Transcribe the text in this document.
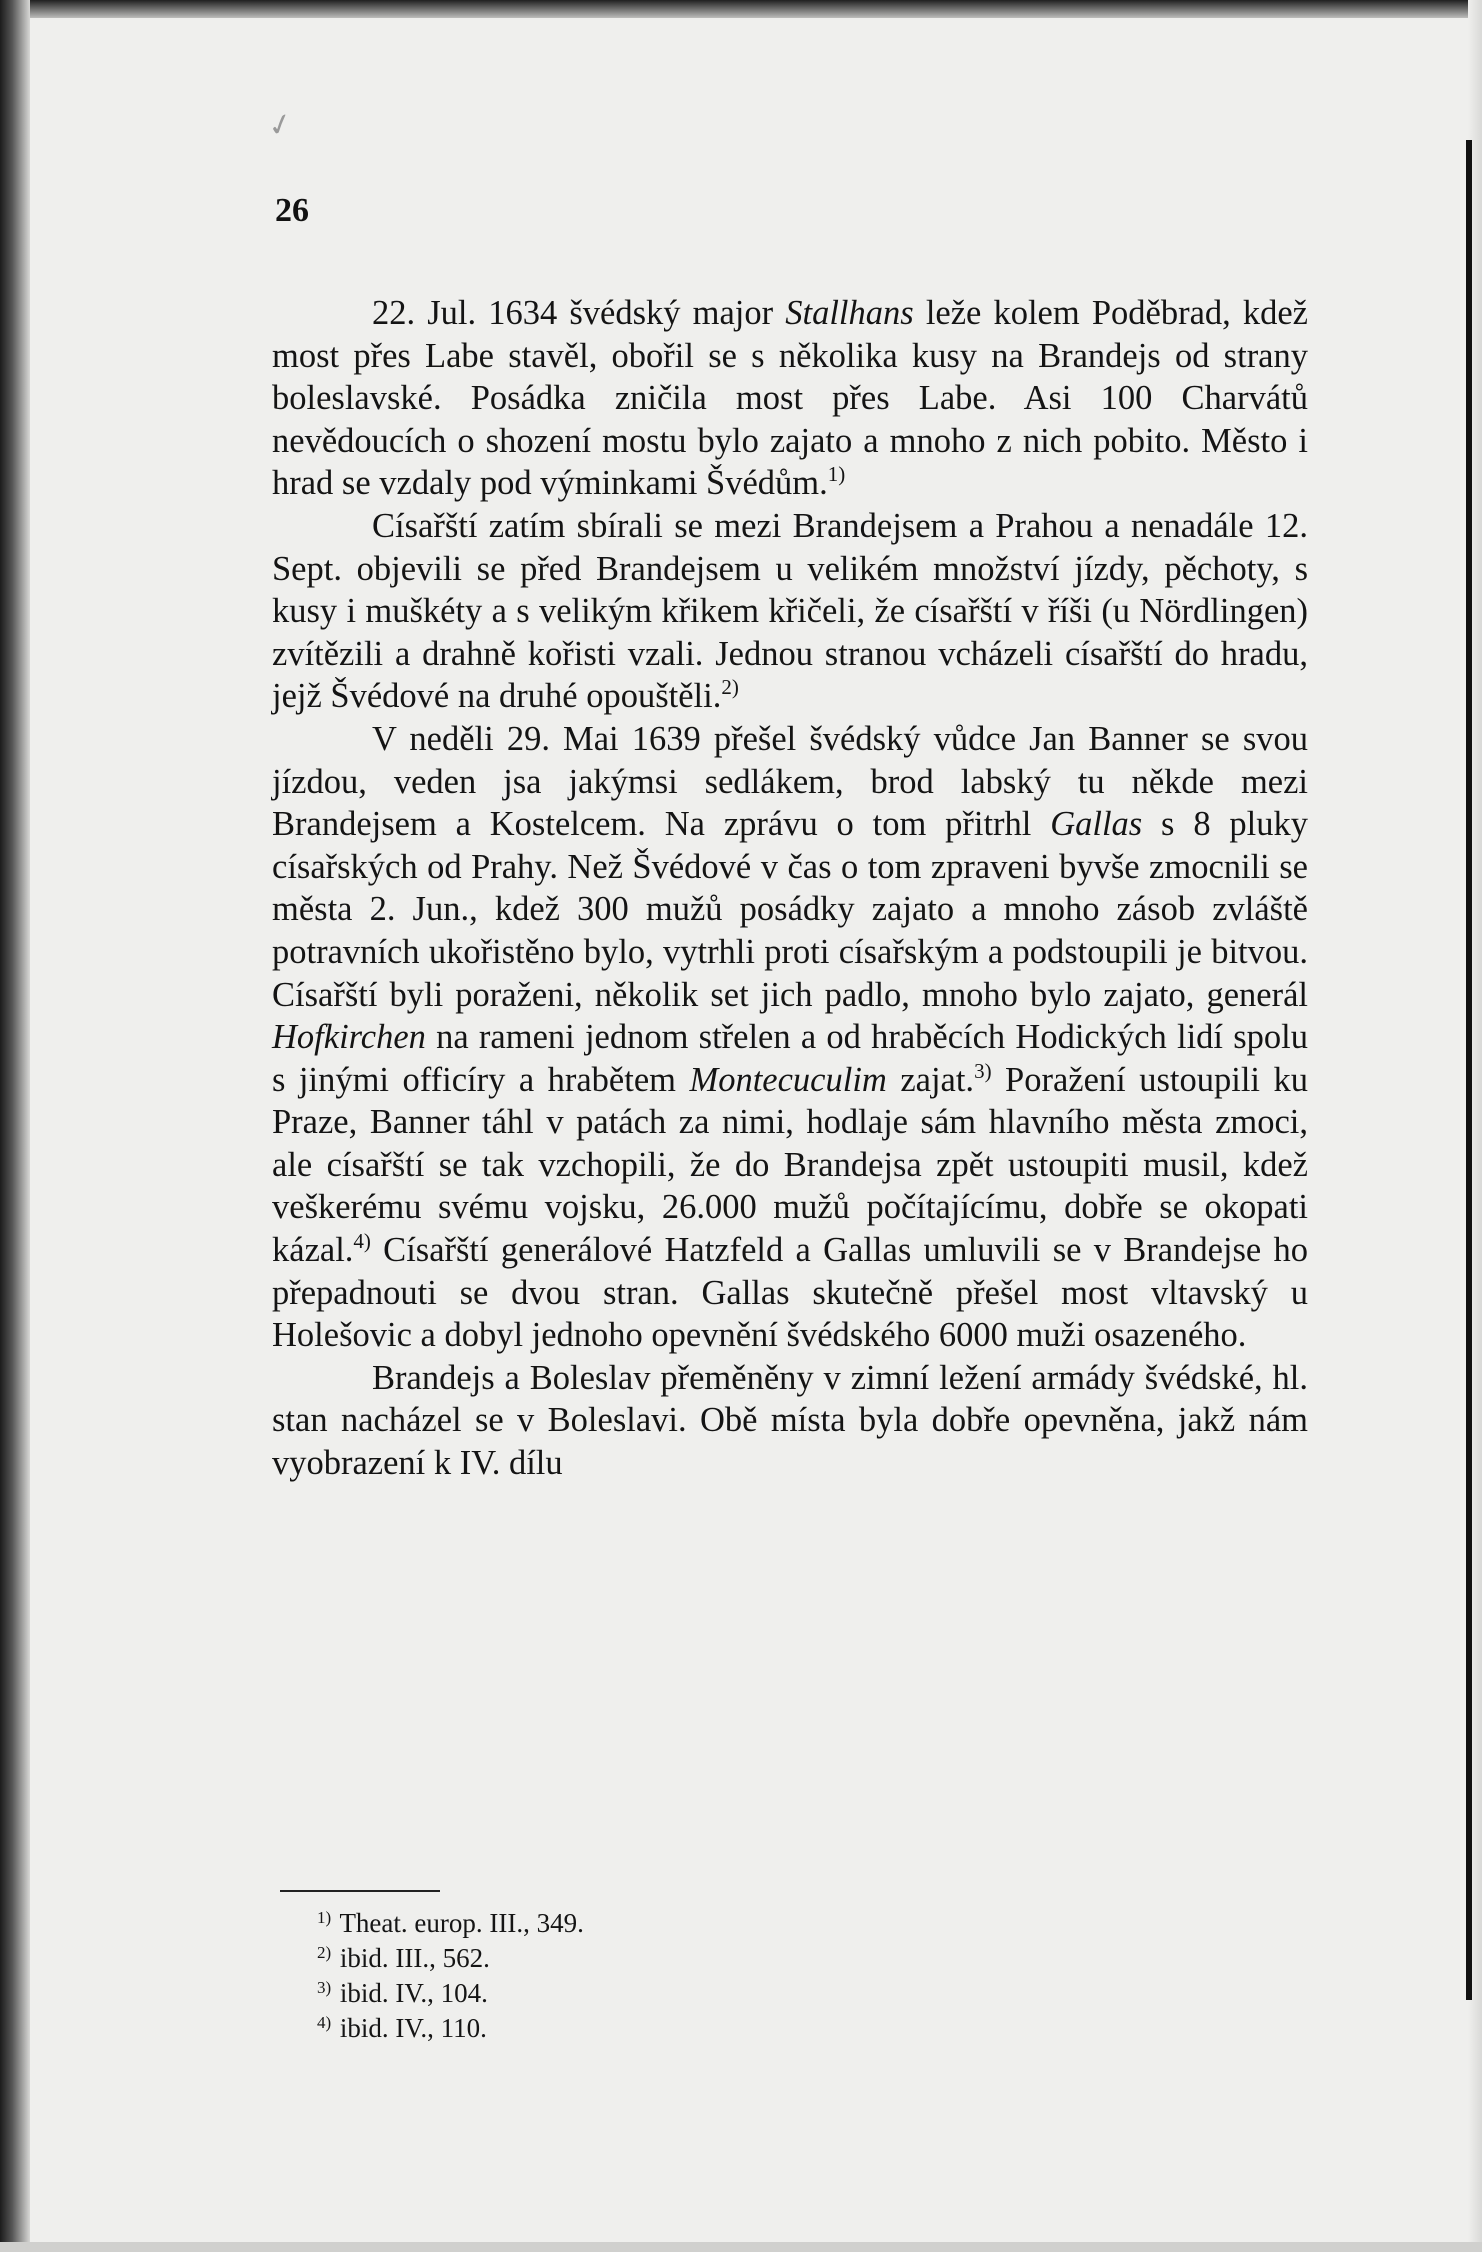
✓
26

22. Jul. 1634 švédský major Stallhans leže kolem Poděbrad, kdež most přes Labe stavěl, obořil se s několika kusy na Brandejs od strany boleslavské. Posádka zničila most přes Labe. Asi 100 Charvátů nevědoucích o shození mostu bylo zajato a mnoho z nich pobito. Město i hrad se vzdaly pod výminkami Švédům.$^{1)}$

Císařští zatím sbírali se mezi Brandejsem a Prahou a nenadále 12. Sept. objevili se před Brandejsem u velikém množství jízdy, pěchoty, s kusy i muškéty a s velikým křikem křičeli, že císařští v říši (u Nördlingen) zvítězili a drahně kořisti vzali. Jednou stranou vcházeli císařští do hradu, jejž Švédové na druhé opouštěli.$^{2)}$

V neděli 29. Mai 1639 přešel švédský vůdce Jan Banner se svou jízdou, veden jsa jakýmsi sedlákem, brod labský tu někde mezi Brandejsem a Kostelcem. Na zprávu o tom přitrhl Gallas s 8 pluky císařských od Prahy. Než Švédové v čas o tom zpraveni byvše zmocnili se města 2. Jun., kdež 300 mužů posádky zajato a mnoho zásob zvláště potravních ukořistěno bylo, vytrhli proti císařským a podstoupili je bitvou. Císařští byli poraženi, několik set jich padlo, mnoho bylo zajato, generál Hofkirchen na rameni jednom střelen a od hraběcích Hodických lidí spolu s jinými officíry a hrabětem Montecuculim zajat.$^{3)}$ Poražení ustoupili ku Praze, Banner táhl v patách za nimi, hodlaje sám hlavního města zmoci, ale císařští se tak vzchopili, že do Brandejsa zpět ustoupiti musil, kdež veškerému svému vojsku, 26.000 mužů počítajícímu, dobře se okopati kázal.$^{4)}$ Císařští generálové Hatzfeld a Gallas umluvili se v Brandejse ho přepadnouti se dvou stran. Gallas skutečně přešel most vltavský u Holešovic a dobyl jednoho opevnění švédského 6000 muži osazeného.

Brandejs a Boleslav přeměněny v zimní ležení armády švédské, hl. stan nacházel se v Boleslavi. Obě místa byla dobře opevněna, jakž nám vyobrazení k IV. dílu

$^{1)}$ Theat. europ. III., 349.
$^{2)}$ ibid. III., 562.
$^{3)}$ ibid. IV., 104.
$^{4)}$ ibid. IV., 110.
